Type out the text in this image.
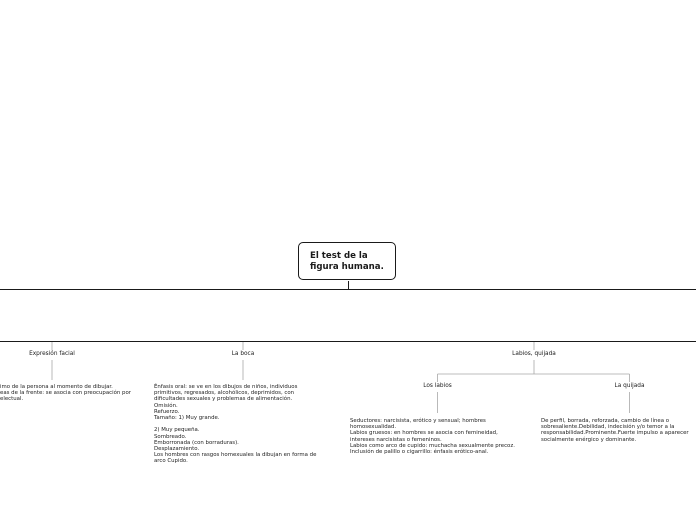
El test de la
figura humana.
Expresión facial	La boca	Labios, quijada
Los labios	La quijada
imo de la persona al momento de dibujar.
eas de la frente: se asocia con preocupación por
electual.
Énfasis oral: se ve en los dibujos de niños, individuos
primitivos, regresados, alcohólicos, deprimidos, con
dificultades sexuales y problemas de alimentación.
Omisión.
Refuerzo.
Tamaño: 1) Muy grande.

2) Muy pequeña.
Sombreado.
Emborronada (con borraduras).
Desplazamiento.
Los hombres con rasgos homexuales la dibujan en forma de
arco Cupido.
Seductores: narcisista, erótico y sensual; hombres
homosexualidad.
Labios gruesos: en hombres se asocia con femineidad,
intereses narcisistas o femeninos.
Labios como arco de cupido: muchacha sexualmente precoz.
Inclusión de palillo o cigarrillo: énfasis erótico-anal.
De perfil, borrada, reforzada, cambio de línea o
sobresaliente.Debilidad, indecisión y/o temor a la
responsabilidad.Prominente.Fuerte impulso a aparecer
socialmente enérgico y dominante.
